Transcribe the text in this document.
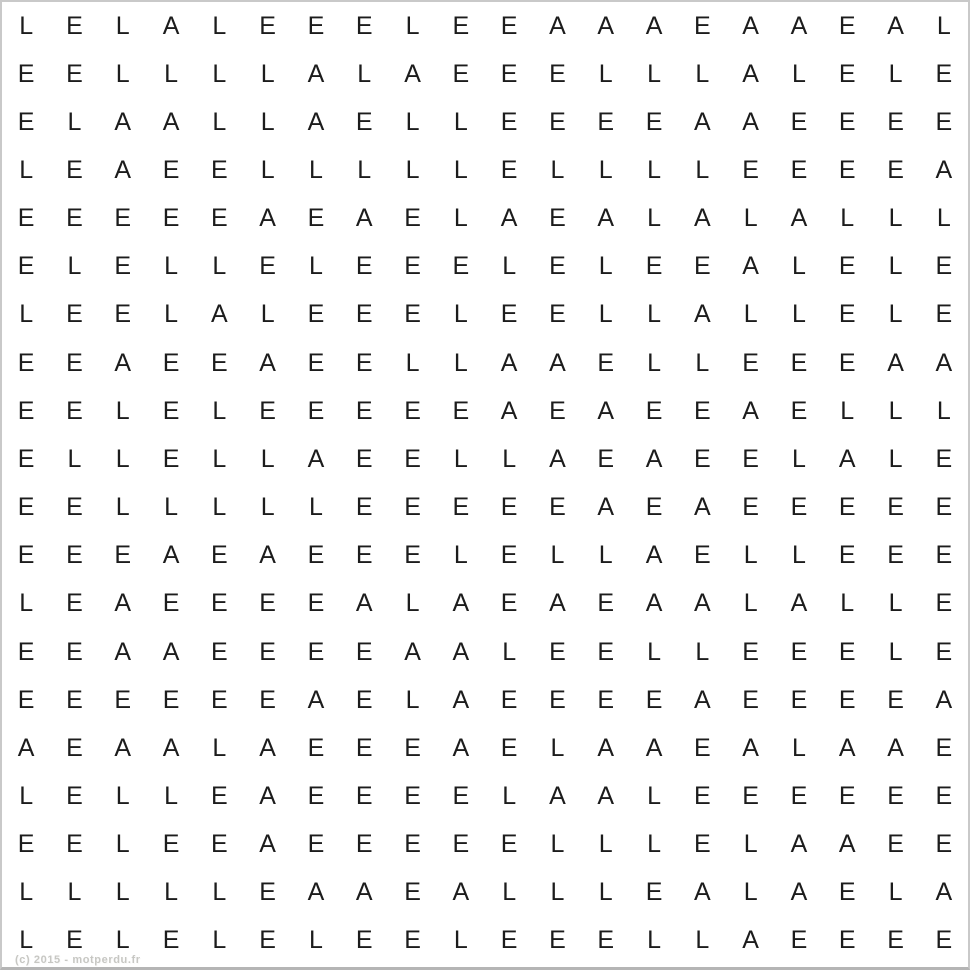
L	E	L	A	L	E	E	E	L	E	E	A	A	A	E	A	A	E	A	L
E	E	L	L	L	L	A	L	A	E	E	E	L	L	L	A	L	E	L	E
E	L	A	A	L	L	A	E	L	L	E	E	E	E	A	A	E	E	E	E
L	E	A	E	E	L	L	L	L	L	E	L	L	L	L	E	E	E	E	A
E	E	E	E	E	A	E	A	E	L	A	E	A	L	A	L	A	L	L	L
E	L	E	L	L	E	L	E	E	E	L	E	L	E	E	A	L	E	L	E
L	E	E	L	A	L	E	E	E	L	E	E	L	L	A	L	L	E	L	E
E	E	A	E	E	A	E	E	L	L	A	A	E	L	L	E	E	E	A	A
E	E	L	E	L	E	E	E	E	E	A	E	A	E	E	A	E	L	L	L
E	L	L	E	L	L	A	E	E	L	L	A	E	A	E	E	L	A	L	E
E	E	L	L	L	L	L	E	E	E	E	E	A	E	A	E	E	E	E	E
E	E	E	A	E	A	E	E	E	L	E	L	L	A	E	L	L	E	E	E
L	E	A	E	E	E	E	A	L	A	E	A	E	A	A	L	A	L	L	E
E	E	A	A	E	E	E	E	A	A	L	E	E	L	L	E	E	E	L	E
E	E	E	E	E	E	A	E	L	A	E	E	E	E	A	E	E	E	E	A
A	E	A	A	L	A	E	E	E	A	E	L	A	A	E	A	L	A	A	E
L	E	L	L	E	A	E	E	E	E	L	A	A	L	E	E	E	E	E	E
E	E	L	E	E	A	E	E	E	E	E	L	L	L	E	L	A	A	E	E
L	L	L	L	L	E	A	A	E	A	L	L	L	E	A	L	A	E	L	A
L	E	L	E	L	E	L	E	E	L	E	E	E	L	L	A	E	E	E	E
(c) 2015 - motperdu.fr
